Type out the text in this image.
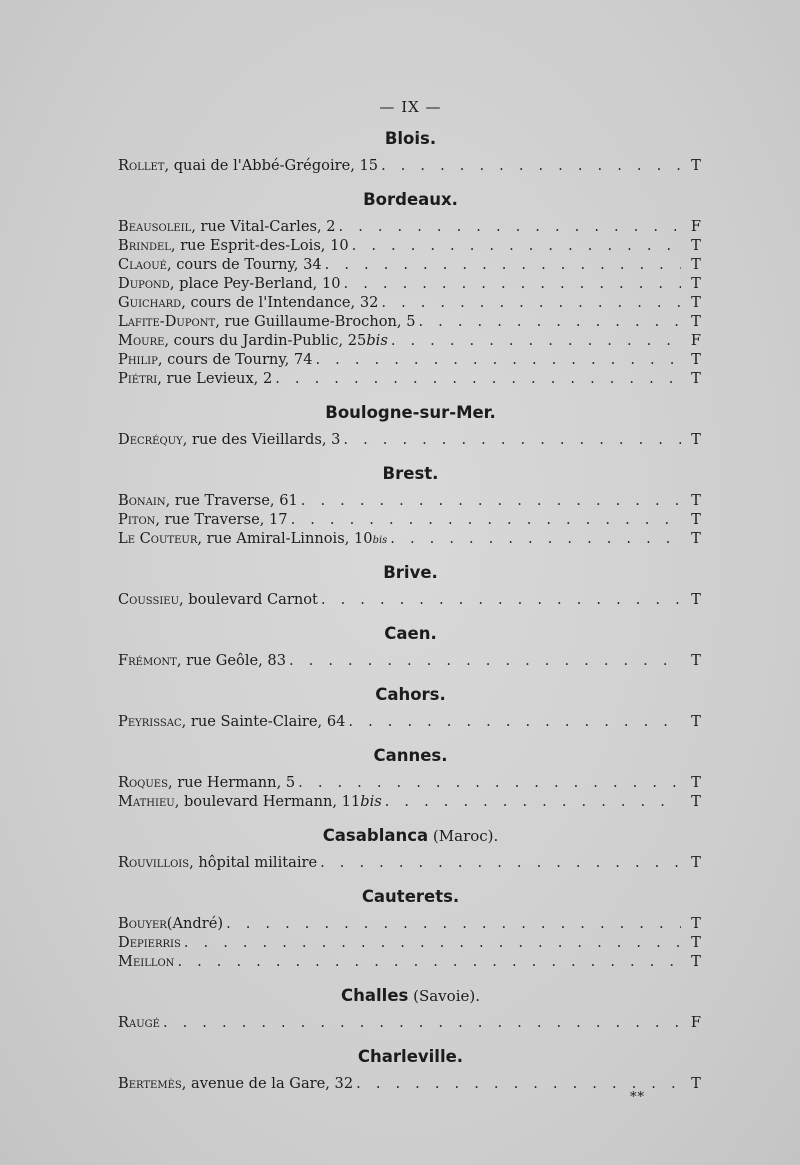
— IX —
Blois.
Rollet , quai de l'Abbé-Grégoire, 15 . . .	T
Bordeaux.
Beausoleil , rue Vital-Carles, 2 . . .	F
Brindel , rue Esprit-des-Lois, 10 . . .	T
Claoué , cours de Tourny, 34 . . .	T
Dupond , place Pey-Berland, 10 . . .	T
Guichard , cours de l'Intendance, 32 . . .	T
Lafite-Dupont , rue Guillaume-Brochon, 5 . . .	T
Moure , cours du Jardin-Public, 25 bis . . .	F
Philip , cours de Tourny, 74 . . .	T
Piétri , rue Levieux, 2 . . .	T
Boulogne-sur-Mer.
Decréquy , rue des Vieillards, 3 . . .	T
Brest.
Bonain , rue Traverse, 61 . . .	T
Piton , rue Traverse, 17 . . .	T
Le Couteur , rue Amiral-Linnois, 10 bis . . .	T
Brive.
Coussieu , boulevard Carnot . . .	T
Caen.
Frémont , rue Geôle, 83 . . .	T
Cahors.
Peyrissac , rue Sainte-Claire, 64 . . .	T
Cannes.
Roques , rue Hermann, 5 . . .	T
Mathieu , boulevard Hermann, 11 bis . . .	T
Casablanca (Maroc).
Rouvillois , hôpital militaire . . .	T
Cauterets.
Bouyer (André) . . .	T
Depierris . . .	T
Meillon . . .	T
Challes (Savoie).
Raugé . . .	F
Charleville.
Bertemès , avenue de la Gare, 32 . . .	T
**
